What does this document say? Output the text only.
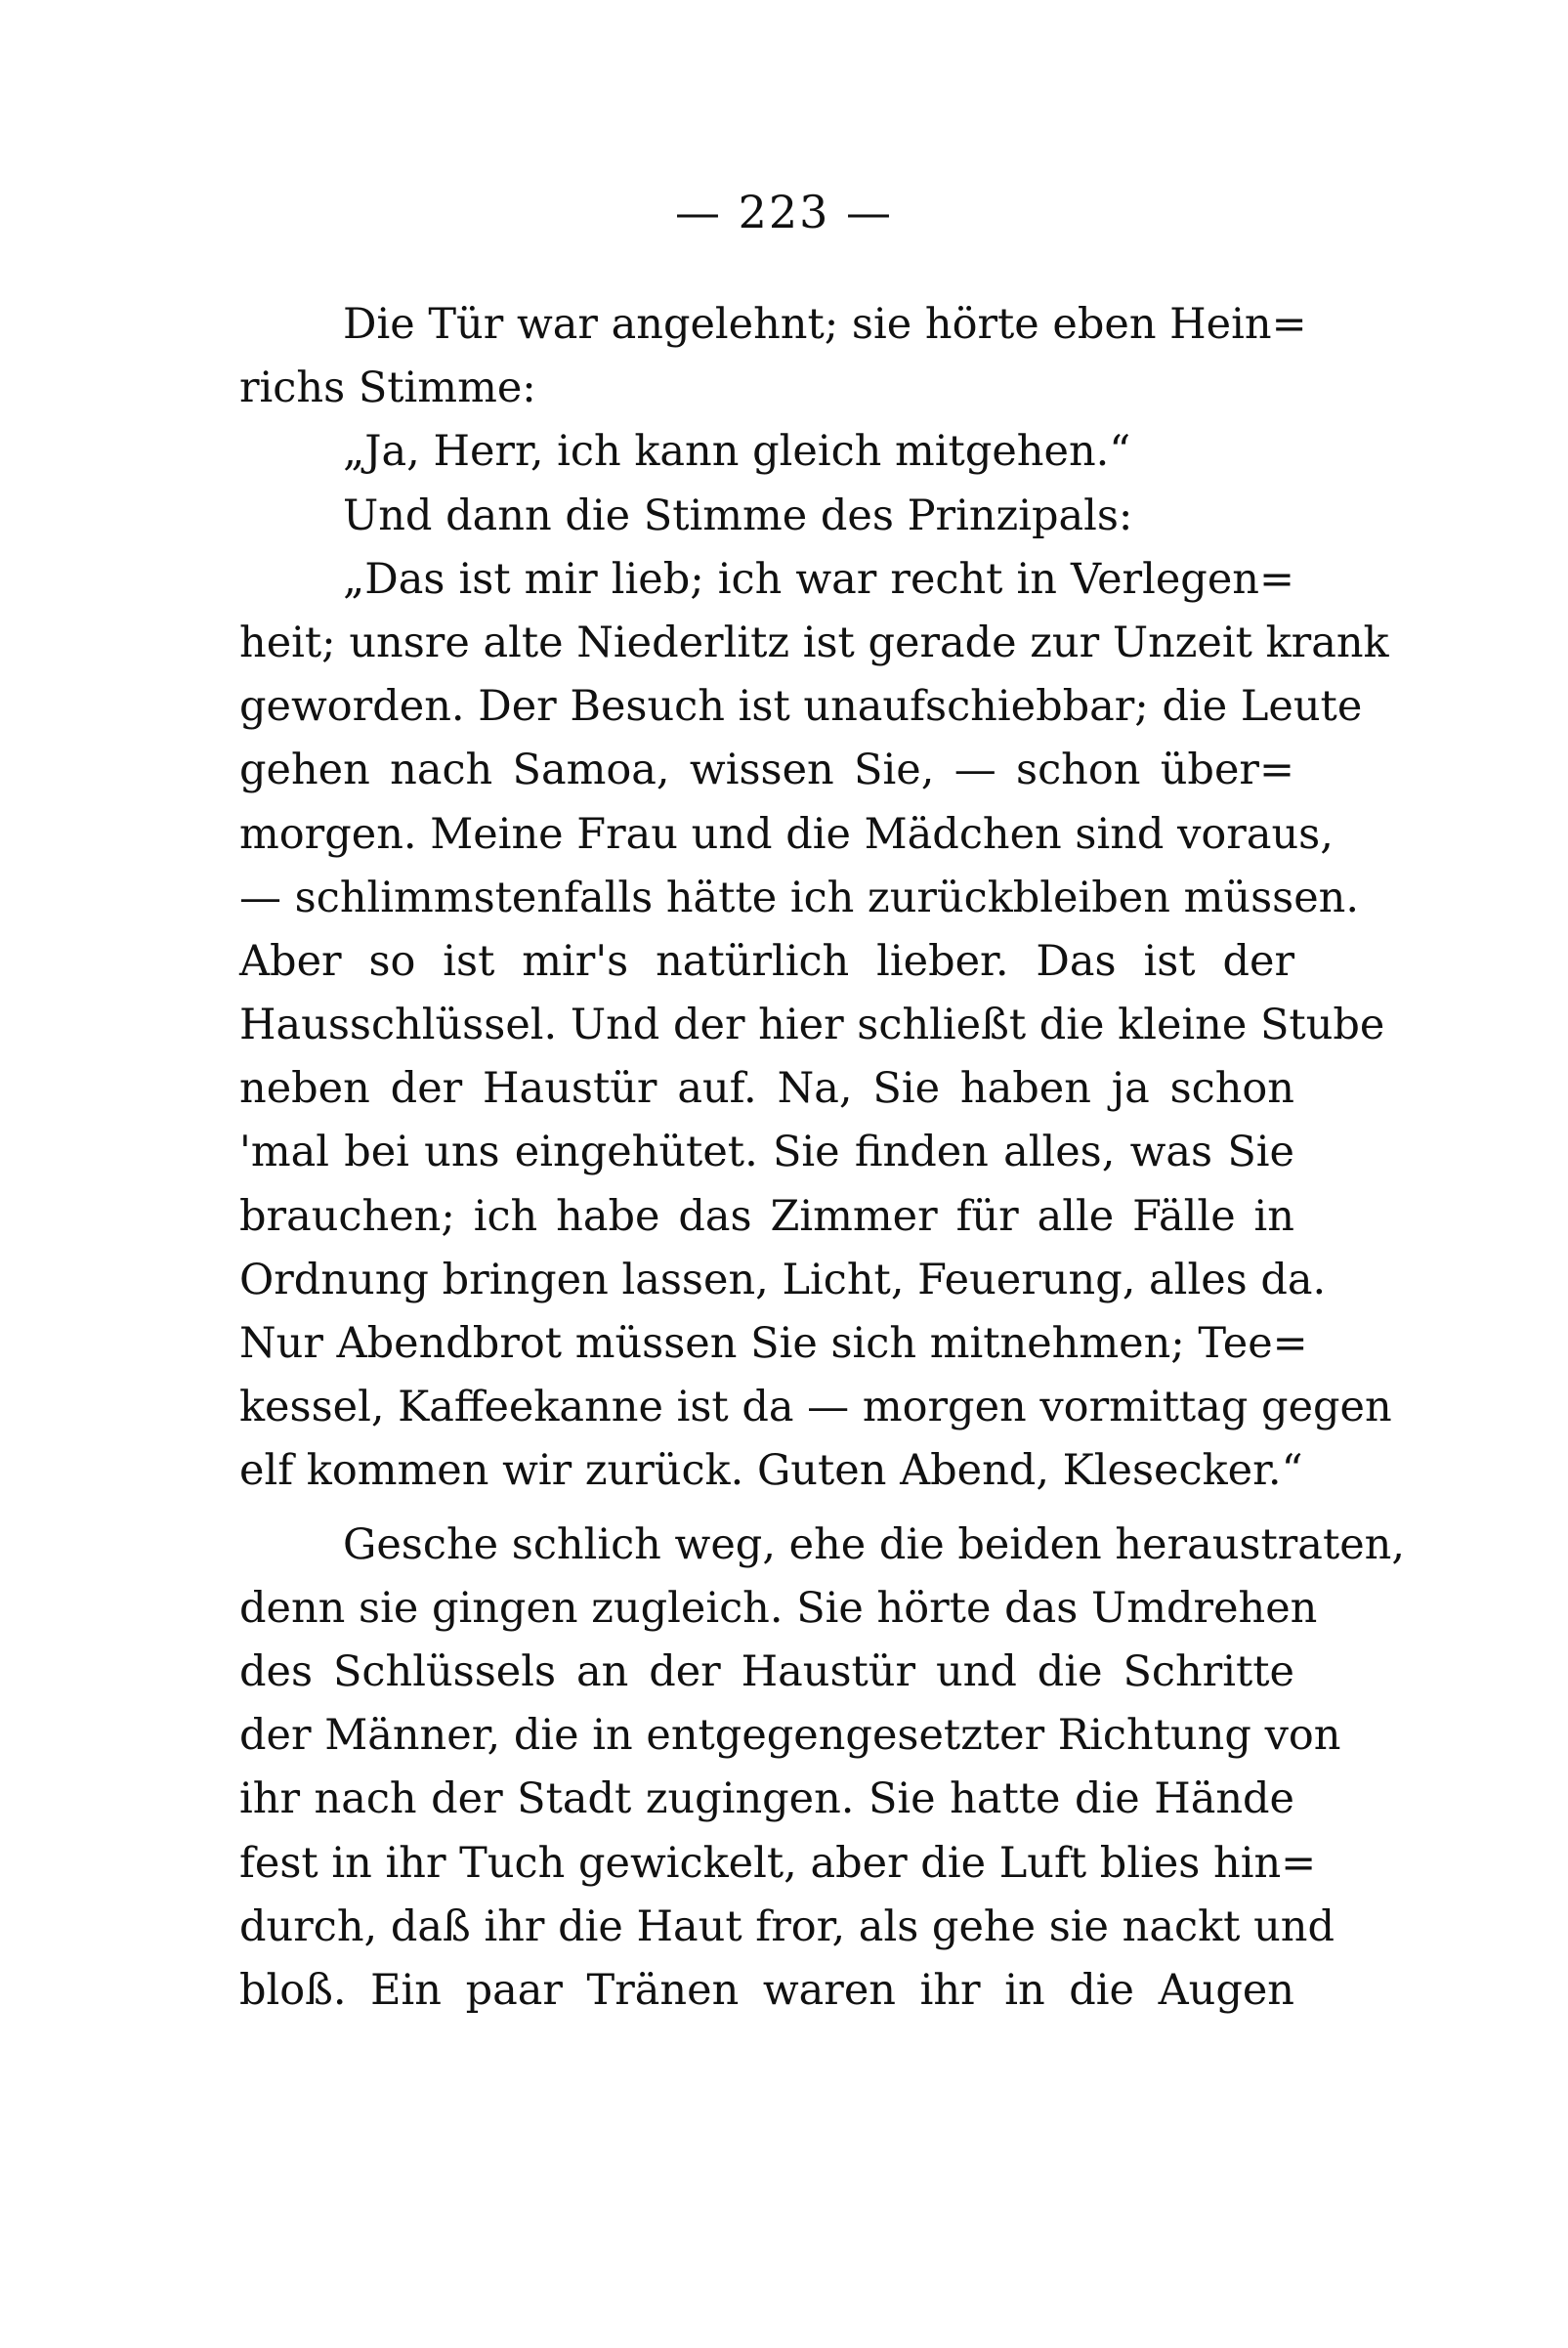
— 223 —
Die Tür war angelehnt; sie hörte eben Hein=
richs Stimme:
„Ja, Herr, ich kann gleich mitgehen.“
Und dann die Stimme des Prinzipals:
„Das ist mir lieb; ich war recht in Verlegen=
heit; unsre alte Niederlitz ist gerade zur Unzeit krank
geworden. Der Besuch ist unaufschiebbar; die Leute
gehen nach Samoa, wissen Sie, — schon über=
morgen. Meine Frau und die Mädchen sind voraus,
— schlimmstenfalls hätte ich zurückbleiben müssen.
Aber so ist mir's natürlich lieber. Das ist der
Hausschlüssel. Und der hier schließt die kleine Stube
neben der Haustür auf. Na, Sie haben ja schon
'mal bei uns eingehütet. Sie finden alles, was Sie
brauchen; ich habe das Zimmer für alle Fälle in
Ordnung bringen lassen, Licht, Feuerung, alles da.
Nur Abendbrot müssen Sie sich mitnehmen; Tee=
kessel, Kaffeekanne ist da — morgen vormittag gegen
elf kommen wir zurück. Guten Abend, Klesecker.“
Gesche schlich weg, ehe die beiden heraustraten,
denn sie gingen zugleich. Sie hörte das Umdrehen
des Schlüssels an der Haustür und die Schritte
der Männer, die in entgegengesetzter Richtung von
ihr nach der Stadt zugingen. Sie hatte die Hände
fest in ihr Tuch gewickelt, aber die Luft blies hin=
durch, daß ihr die Haut fror, als gehe sie nackt und
bloß. Ein paar Tränen waren ihr in die Augen
